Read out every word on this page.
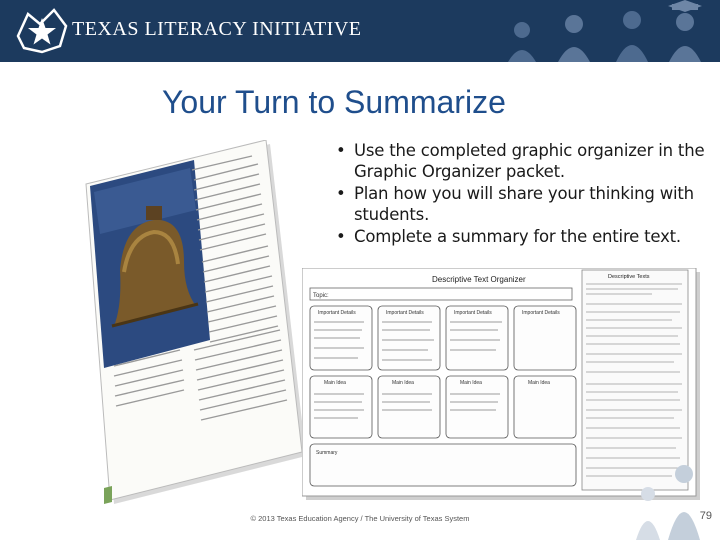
TEXAS LITERACY INITIATIVE
Your Turn to Summarize
• Use the completed graphic organizer in the Graphic Organizer packet.
• Plan how you will share your thinking with students.
• Complete a summary for the entire text.
Descriptive Text Organizer
Topic:
Important Details	Important Details	Important Details	Important Details
Main Idea	Main Idea	Main Idea	Main Idea
Summary
Descriptive Texts
© 2013 Texas Education Agency / The University of Texas System	79
